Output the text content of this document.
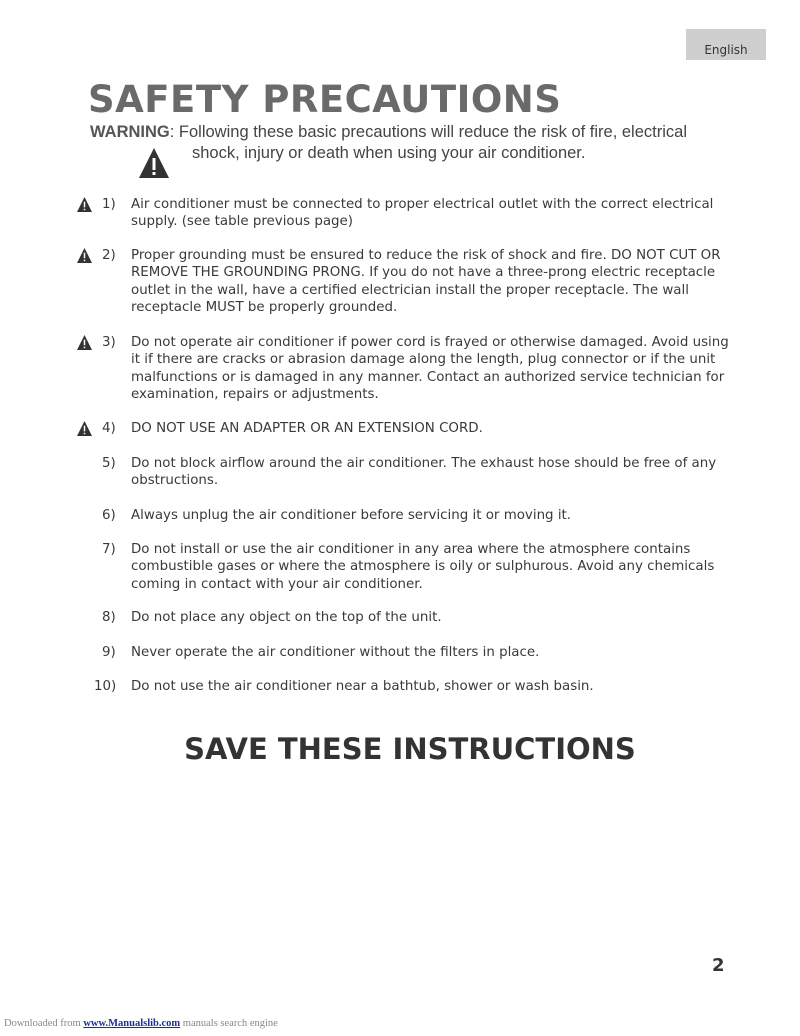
English
SAFETY PRECAUTIONS
WARNING: Following these basic precautions will reduce the risk of fire, electrical
shock, injury or death when using your air conditioner.
1)	Air conditioner must be connected to proper electrical outlet with the correct electrical supply. (see table previous page)
2)	Proper grounding must be ensured to reduce the risk of shock and fire. DO NOT CUT OR REMOVE THE GROUNDING PRONG. If you do not have a three-prong electric receptacle outlet in the wall, have a certified electrician install the proper receptacle. The wall receptacle MUST be properly grounded.
3)	Do not operate air conditioner if power cord is frayed or otherwise damaged. Avoid using it if there are cracks or abrasion damage along the length, plug connector or if the unit malfunctions or is damaged in any manner. Contact an authorized service technician for examination, repairs or adjustments.
4)	DO NOT USE AN ADAPTER OR AN EXTENSION CORD.
5)	Do not block airflow around the air conditioner. The exhaust hose should be free of any obstructions.
6)	Always unplug the air conditioner before servicing it or moving it.
7)	Do not install or use the air conditioner in any area where the atmosphere contains combustible gases or where the atmosphere is oily or sulphurous. Avoid any chemicals coming in contact with your air conditioner.
8)	Do not place any object on the top of the unit.
9)	Never operate the air conditioner without the filters in place.
10)	Do not use the air conditioner near a bathtub, shower or wash basin.
SAVE THESE INSTRUCTIONS
2
Downloaded from www.Manualslib.com manuals search engine
